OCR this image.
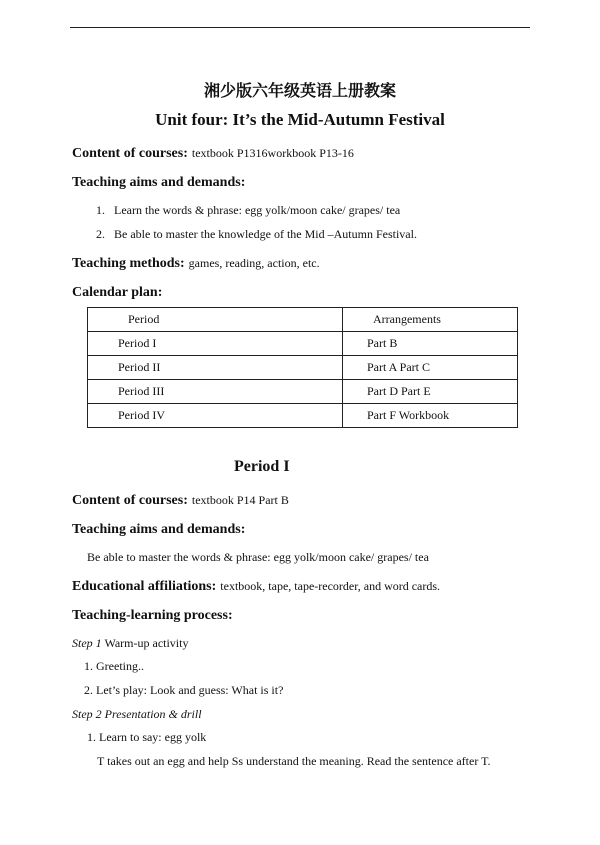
湘少版六年级英语上册教案
Unit four: It’s the Mid-Autumn Festival
Content of courses: textbook P1316workbook P13-16
Teaching aims and demands:
1.   Learn the words & phrase: egg yolk/moon cake/ grapes/ tea
2.   Be able to master the knowledge of the Mid –Autumn Festival.
Teaching methods: games, reading, action, etc.
Calendar plan:
Period	Arrangements
Period I	Part B
Period II	Part A Part C
Period III	Part D Part E
Period IV	Part F Workbook
Period I
Content of courses: textbook P14 Part B
Teaching aims and demands:
Be able to master the words & phrase: egg yolk/moon cake/ grapes/ tea
Educational affiliations: textbook, tape, tape-recorder, and word cards.
Teaching-learning process:
Step 1 Warm-up activity
1. Greeting..
2. Let’s play: Look and guess: What is it?
Step 2 Presentation & drill
1. Learn to say: egg yolk
T takes out an egg and help Ss understand the meaning. Read the sentence after T.
